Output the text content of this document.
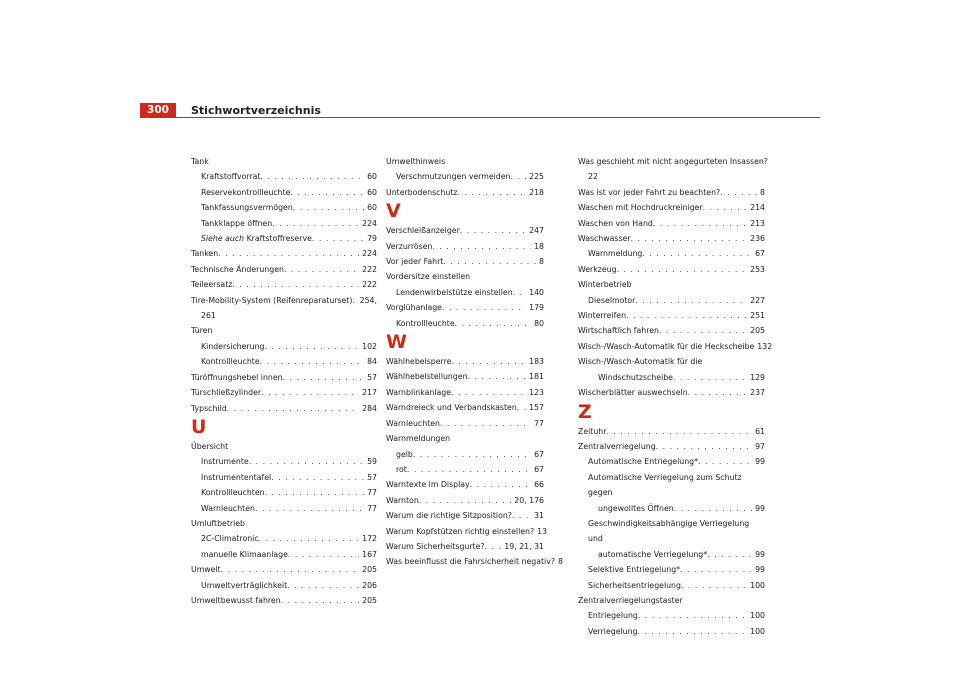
300	Stichwortverzeichnis
Tank
Kraftstoffvorrat . . .	60
Reservekontrollleuchte . . .	60
Tankfassungsvermögen . . .	60
Tankklappe öffnen . . .	224
Siehe auch Kraftstoffreserve . . .	79
Tanken . . .	224
Technische Änderungen . . .	222
Teileersatz . . .	222
Tire-Mobility-System (Reifenreparaturset) . . . 254,
261
Türen
Kindersicherung . . .	102
Kontrollleuchte . . .	84
Türöffnungshebel innen . . .	57
Türschließzylinder . . .	217
Typschild . . .	284
U
Übersicht
Instrumente . . .	59
Instrumententafel . . .	57
Kontrollleuchten . . .	77
Warnleuchten . . .	77
Umluftbetrieb
2C-Climatronic . . .	172
manuelle Klimaanlage . . .	167
Umwelt . . .	205
Umweltverträglichkeit . . .	206
Umweltbewusst fahren . . .	205
Umwelthinweis
Verschmutzungen vermeiden . . .	225
Unterbodenschutz . . .	218
V
Verschleißanzeiger . . .	247
Verzurrösen . . .	18
Vor jeder Fahrt . . .	8
Vordersitze einstellen
Lendenwirbelstütze einstellen . . .	140
Vorglühanlage . . .	179
Kontrollleuchte . . .	80
W
Wählhebelsperre . . .	183
Wählhebelstellungen . . .	181
Warnblinkanlage . . .	123
Warndreieck und Verbandskasten . . .	157
Warnleuchten . . .	77
Warnmeldungen
gelb . . .	67
rot . . .	67
Warntexte im Display . . .	66
Warnton . . .	20, 176
Warum die richtige Sitzposition? . . .	31
Warum Kopfstützen richtig einstellen? 13
Warum Sicherheitsgurte? . . .	19, 21, 31
Was beeinflusst die Fahrsicherheit negativ? 8
Was geschieht mit nicht angegurteten Insassen?
22
Was ist vor jeder Fahrt zu beachten? . . .	8
Waschen mit Hochdruckreiniger . . .	214
Waschen von Hand . . .	213
Waschwasser . . .	236
Warnmeldung . . .	67
Werkzeug . . .	253
Winterbetrieb
Dieselmotor . . .	227
Winterreifen . . .	251
Wirtschaftlich fahren . . .	205
Wisch-/Wasch-Automatik für die Heckscheibe 132
Wisch-/Wasch-Automatik für die
Windschutzscheibe . . .	129
Wischerblätter auswechseln . . .	237
Z
Zeituhr . . .	61
Zentralverriegelung . . .	97
Automatische Entriegelung* . . .	99
Automatische Verriegelung zum Schutz gegen
ungewolltes Öffnen . . .	99
Geschwindigkeitsabhängige Verriegelung und
automatische Verriegelung* . . .	99
Selektive Entriegelung* . . .	99
Sicherheitsentriegelung . . .	100
Zentralverriegelungstaster
Entriegelung . . .	100
Verriegelung . . .	100
